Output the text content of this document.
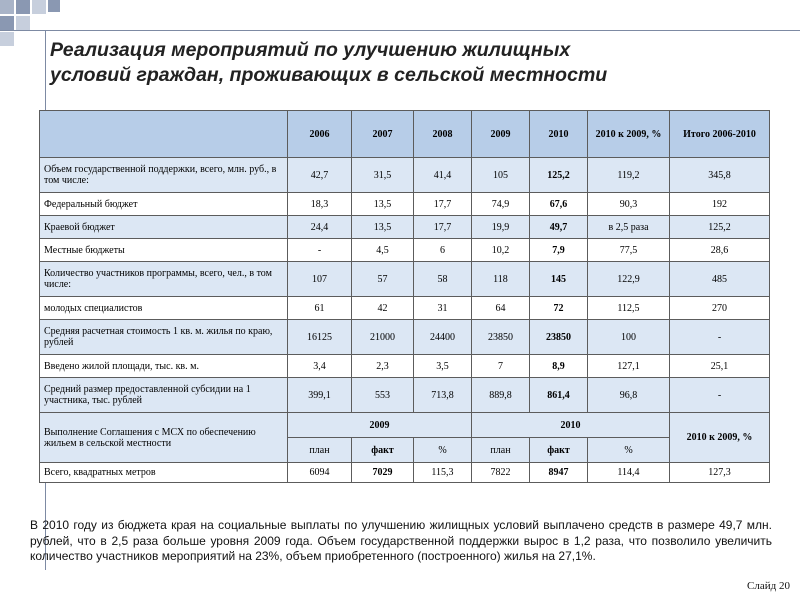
Реализация мероприятий по улучшению жилищных
условий граждан, проживающих в сельской местности
	2006	2007	2008	2009	2010	2010 к 2009, %	Итого 2006-2010
Объем государственной поддержки, всего, млн. руб., в том числе:	42,7	31,5	41,4	105	125,2	119,2	345,8
Федеральный бюджет	18,3	13,5	17,7	74,9	67,6	90,3	192
Краевой бюджет	24,4	13,5	17,7	19,9	49,7	в 2,5 раза	125,2
Местные бюджеты	-	4,5	6	10,2	7,9	77,5	28,6
Количество участников программы, всего, чел., в том числе:	107	57	58	118	145	122,9	485
молодых специалистов	61	42	31	64	72	112,5	270
Средняя расчетная стоимость 1 кв. м. жилья по краю, рублей	16125	21000	24400	23850	23850	100	-
Введено жилой площади, тыс. кв. м.	3,4	2,3	3,5	7	8,9	127,1	25,1
Средний размер предоставленной субсидии на 1 участника, тыс. рублей	399,1	553	713,8	889,8	861,4	96,8	-
Выполнение Соглашения с МСХ по обеспечению жильем в сельской местности	2009			2010			2010 к 2009, %
	план	факт	%	план	факт	%	
Всего, квадратных метров	6094	7029	115,3	7822	8947	114,4	127,3

В 2010 году из бюджета края на социальные выплаты по улучшению жилищных условий выплачено средств в размере 49,7 млн. рублей, что в 2,5 раза больше уровня 2009 года. Объем государственной поддержки вырос в 1,2 раза, что позволило увеличить количество участников мероприятий на 23%, объем приобретенного (построенного) жилья на 27,1%.

Слайд 20
